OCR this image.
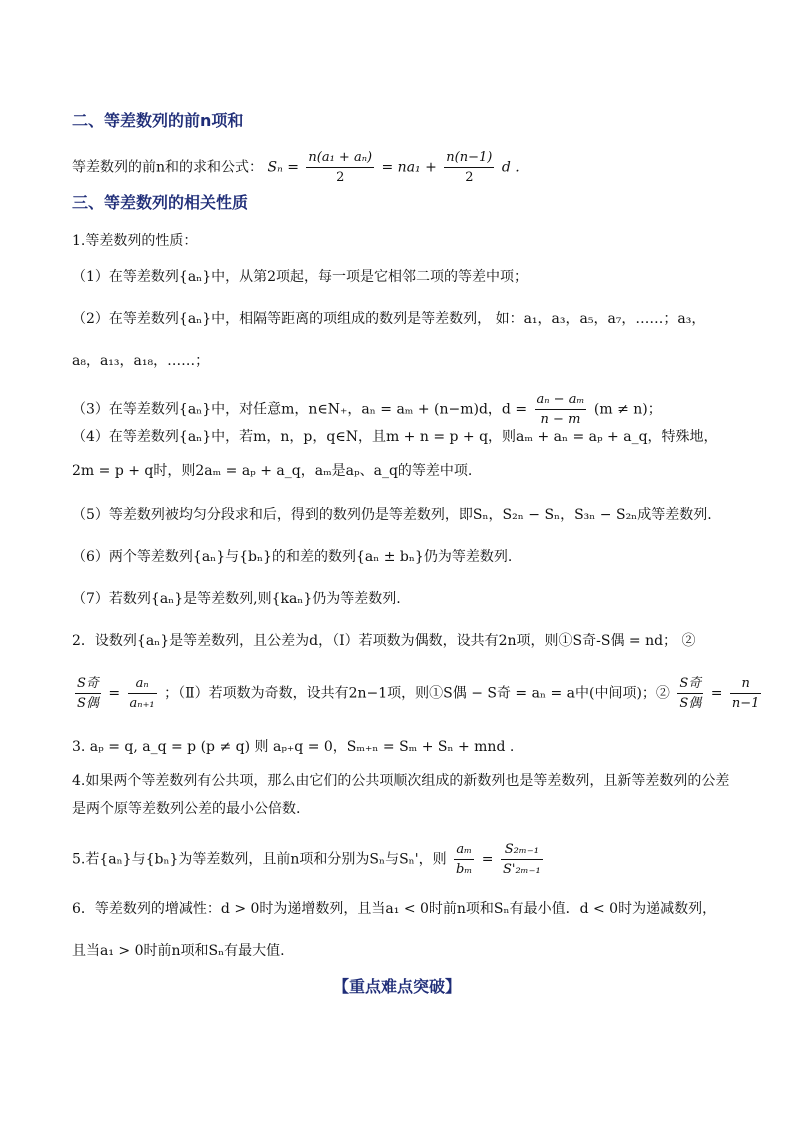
二、等差数列的前n项和
等差数列的前n和的求和公式： $S_n = \frac{\text{n(a₁ + aₙ)}}{2} = na_1 + \frac{n(n-1)}{2}$ d .
三、等差数列的相关性质
1.等差数列的性质：
（1）在等差数列{aₙ}中，从第2项起，每一项是它相邻二项的等差中项；
（2）在等差数列{aₙ}中，相隔等距离的项组成的数列是等差数列， 如：a₁，a₃，a₅，a₇，……；a₃，
a₈，a₁₃，a₁₈，……；
（3）在等差数列{aₙ}中，对任意m，n∈N₊，aₙ = aₘ + (n−m)d，$d = \frac{\text{aₙ − aₘ}}{n - m} (m \ne n)$；
（4）在等差数列{aₙ}中，若m，n，p，q∈N，且m + n = p + q，则aₘ + aₙ = aₚ + a_q，特殊地，
2m = p + q时，则2aₘ = aₚ + a_q，aₘ是aₚ、a_q的等差中项.
（5）等差数列被均匀分段求和后，得到的数列仍是等差数列，即Sₙ，S₂ₙ − Sₙ，S₃ₙ − S₂ₙ成等差数列.
（6）两个等差数列{aₙ}与{bₙ}的和差的数列{aₙ ± bₙ}仍为等差数列.
（7）若数列{aₙ}是等差数列,则{kaₙ}仍为等差数列.
2．设数列{aₙ}是等差数列，且公差为d，（Ⅰ）若项数为偶数，设共有2n项，则①S奇-S偶 = nd； ②
$\frac{\text{S奇}}{\text{S偶}} = \frac{\text{aₙ}}{\text{aₙ₊₁}}$ ；（Ⅱ）若项数为奇数，设共有2n−1项，则①S偶 − S奇 = aₙ = a中(中间项)；② $\frac{\text{S奇}}{\text{S偶}} = \frac{n}{n-1}$
3. aₚ = q, a_q = p (p ≠ q) 则 aₚ₊q = 0，Sₘ₊ₙ = Sₘ + Sₙ + mnd .
4.如果两个等差数列有公共项，那么由它们的公共项顺次组成的新数列也是等差数列，且新等差数列的公差
是两个原等差数列公差的最小公倍数.
5.若{aₙ}与{bₙ}为等差数列，且前n项和分别为Sₙ与Sₙ'，则 $\frac{\text{aₘ}}{\text{bₘ}} = \frac{\text{S₂ₘ₋₁}}{\text{S'₂ₘ₋₁}}$
6．等差数列的增减性：d > 0时为递增数列，且当a₁ < 0时前n项和Sₙ有最小值．d < 0时为递减数列，
且当a₁ > 0时前n项和Sₙ有最大值.
【重点难点突破】
